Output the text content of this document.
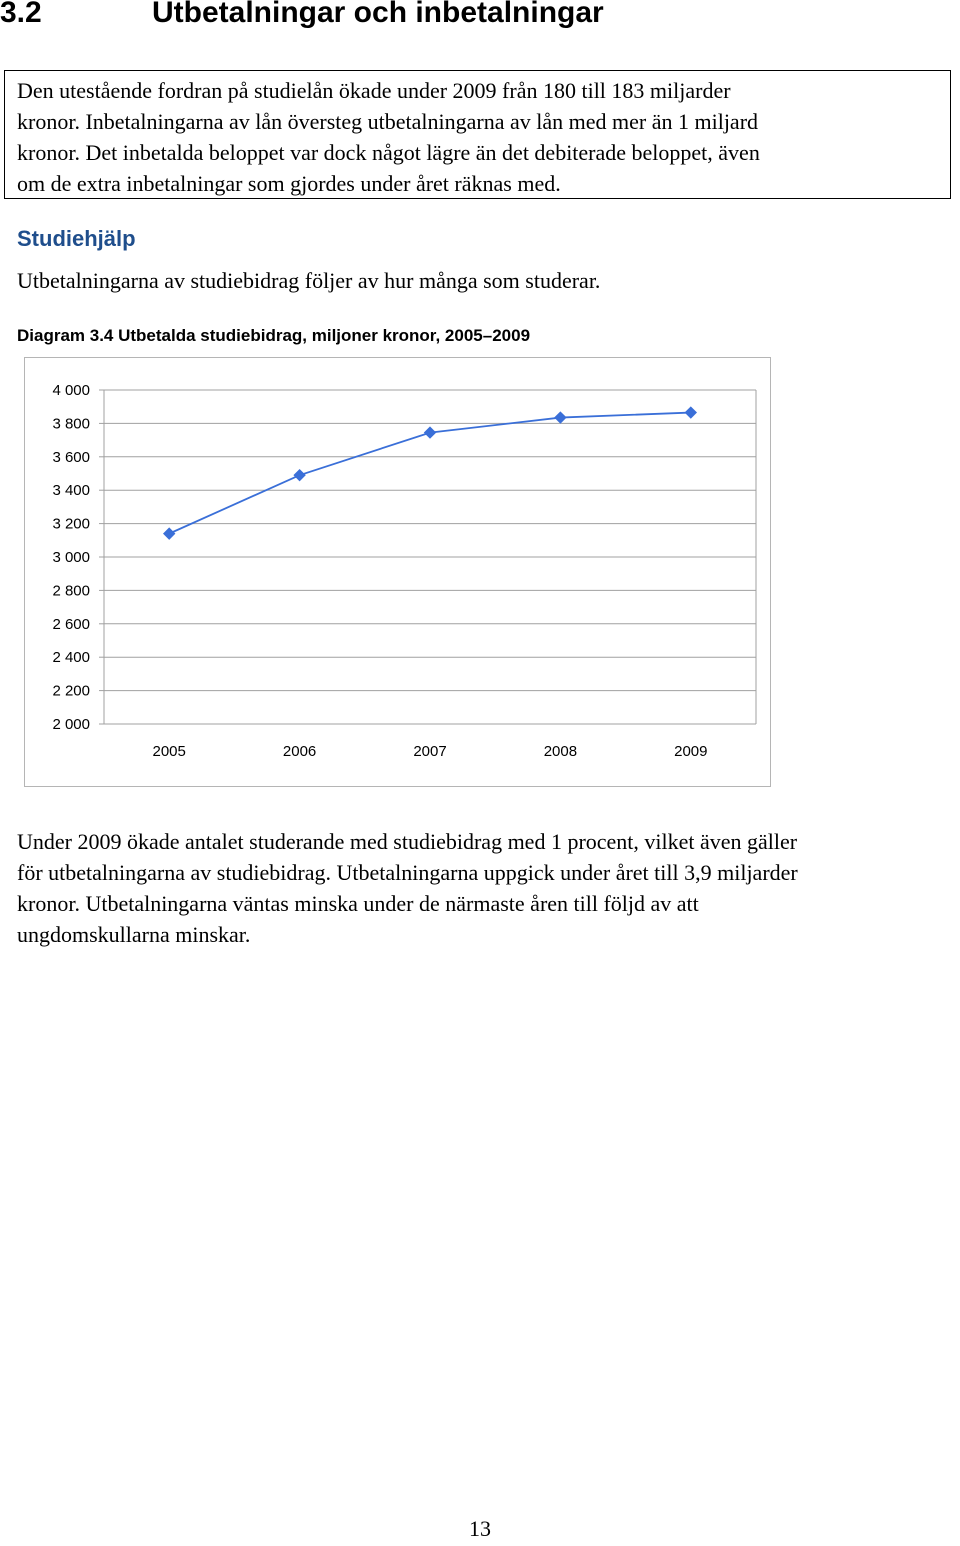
3.2	Utbetalningar och inbetalningar

Den utestående fordran på studielån ökade under 2009 från 180 till 183 miljarder

kronor. Inbetalningarna av lån översteg utbetalningarna av lån med mer än 1 miljard

kronor. Det inbetalda beloppet var dock något lägre än det debiterade beloppet, även

om de extra inbetalningar som gjordes under året räknas med.

Studiehjälp

Utbetalningarna av studiebidrag följer av hur många som studerar.

Diagram 3.4 Utbetalda studiebidrag, miljoner kronor, 2005–2009

2 000
2 200
2 400
2 600
2 800
3 000
3 200
3 400
3 600
3 800
4 000
2005	2006	2007	2008	2009

Under 2009 ökade antalet studerande med studiebidrag med 1 procent, vilket även gäller

för utbetalningarna av studiebidrag. Utbetalningarna uppgick under året till 3,9 miljarder

kronor. Utbetalningarna väntas minska under de närmaste åren till följd av att

ungdomskullarna minskar.

13
